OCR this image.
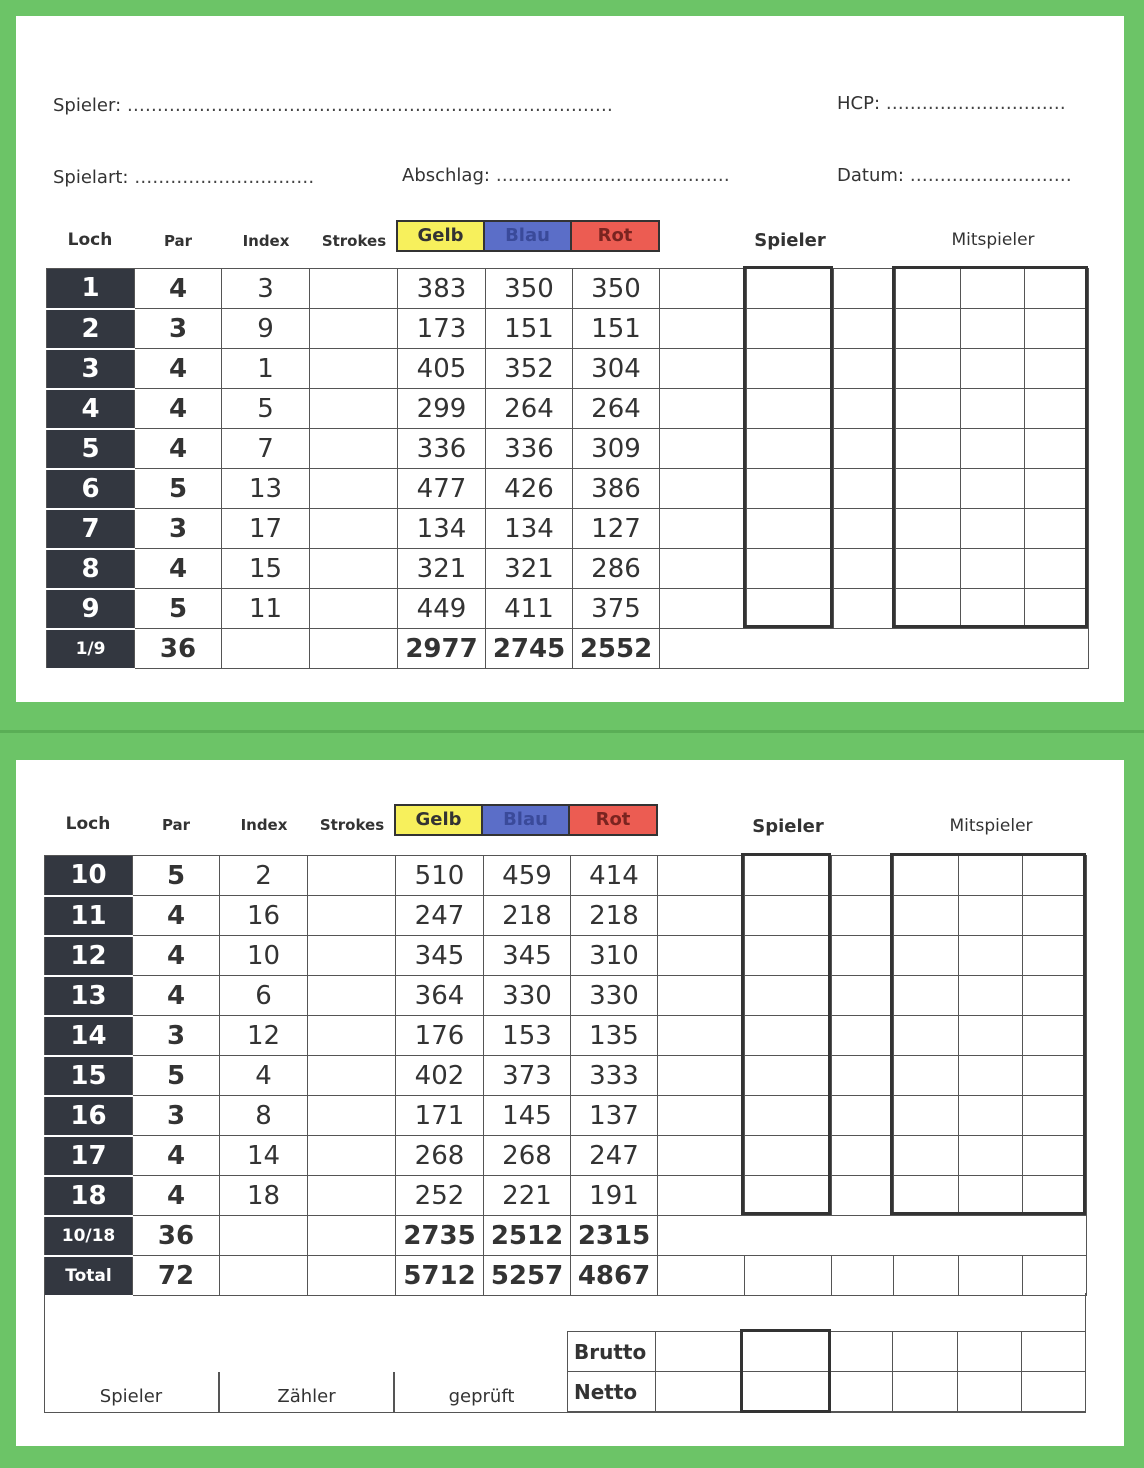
Spieler: ………………………………………………………………………	HCP: …………………………
Spielart: …………………………	Abschlag: …………………………………	Datum: ………………………
Loch	Par	Index	Strokes	Gelb	Blau	Rot	Spieler	Mitspieler
1	4	3		383	350	350						
2	3	9		173	151	151						
3	4	1		405	352	304						
4	4	5		299	264	264						
5	4	7		336	336	309						
6	5	13		477	426	386						
7	3	17		134	134	127						
8	4	15		321	321	286						
9	5	11		449	411	375						
1/9	36			2977	2745	2552						
Loch	Par	Index	Strokes	Gelb	Blau	Rot	Spieler	Mitspieler
10	5	2		510	459	414						
11	4	16		247	218	218						
12	4	10		345	345	310						
13	4	6		364	330	330						
14	3	12		176	153	135						
15	5	4		402	373	333						
16	3	8		171	145	137						
17	4	14		268	268	247						
18	4	18		252	221	191						
10/18	36			2735	2512	2315						
Total	72			5712	5257	4867						
Spieler	Zähler	geprüft
Brutto						
Netto						
